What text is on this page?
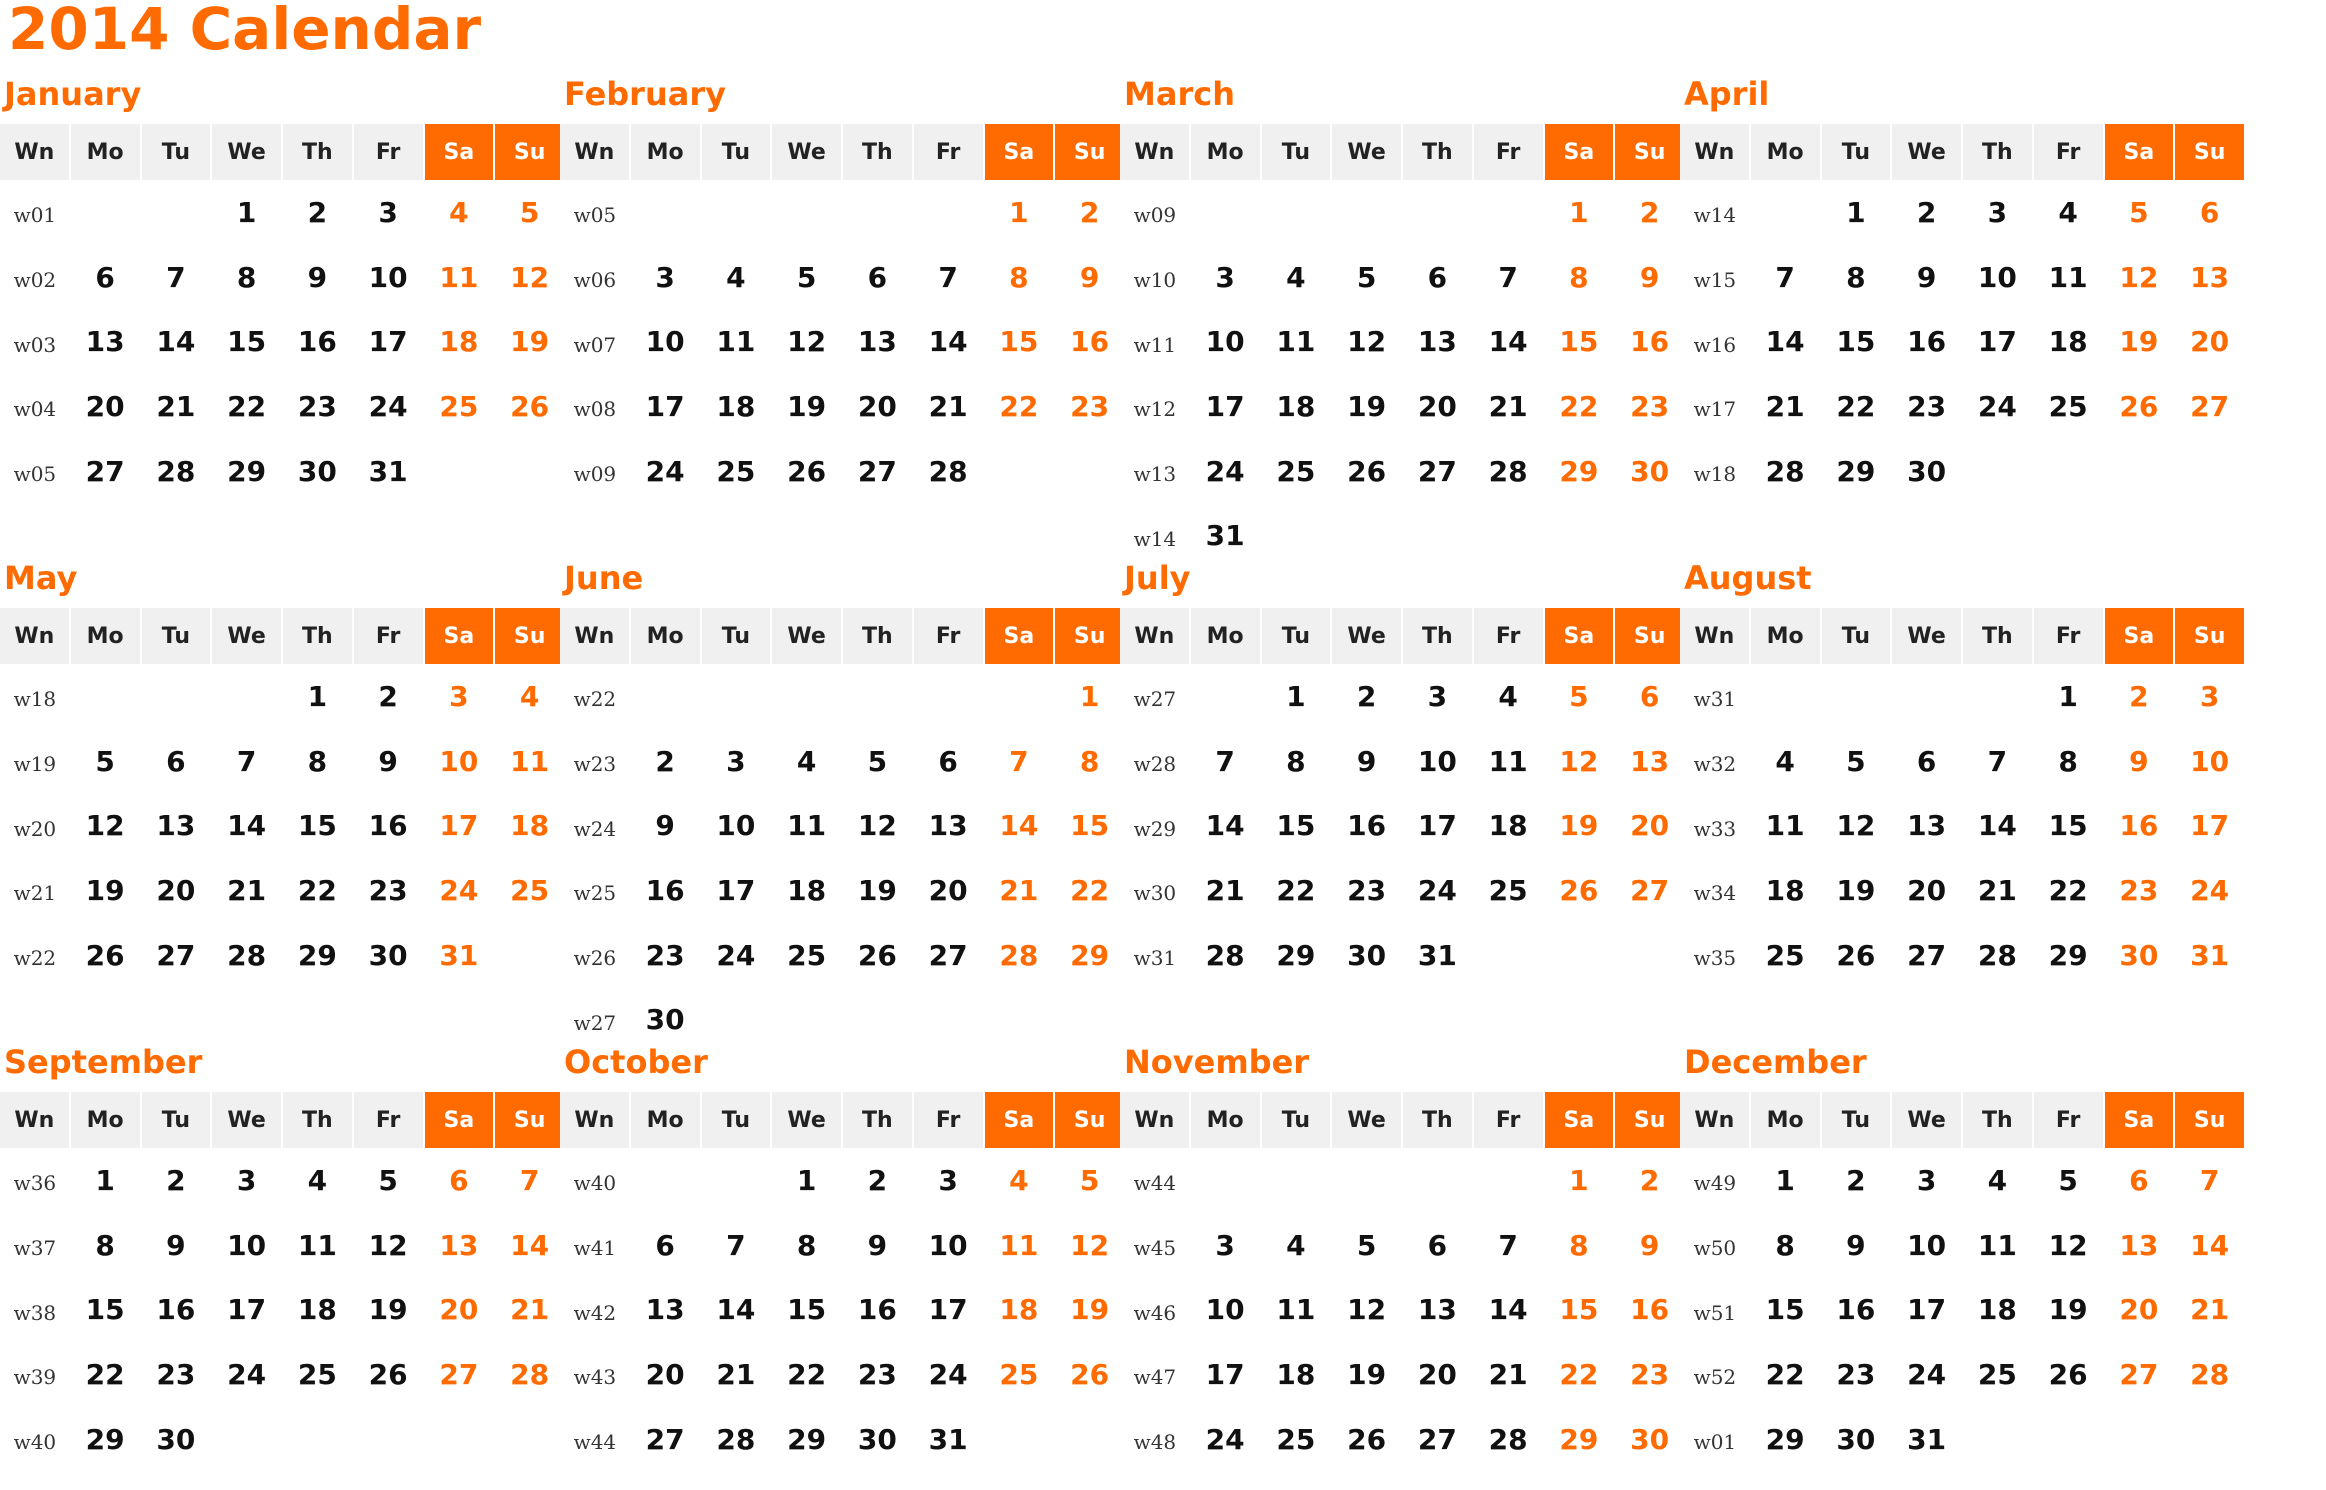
2014 Calendar
January
Wn	Mo	Tu	We	Th	Fr	Sa	Su
w01			1	2	3	4	5
w02	6	7	8	9	10	11	12
w03	13	14	15	16	17	18	19
w04	20	21	22	23	24	25	26
w05	27	28	29	30	31		
February
Wn	Mo	Tu	We	Th	Fr	Sa	Su
w05						1	2
w06	3	4	5	6	7	8	9
w07	10	11	12	13	14	15	16
w08	17	18	19	20	21	22	23
w09	24	25	26	27	28		
March
Wn	Mo	Tu	We	Th	Fr	Sa	Su
w09						1	2
w10	3	4	5	6	7	8	9
w11	10	11	12	13	14	15	16
w12	17	18	19	20	21	22	23
w13	24	25	26	27	28	29	30
w14	31						
April
Wn	Mo	Tu	We	Th	Fr	Sa	Su
w14		1	2	3	4	5	6
w15	7	8	9	10	11	12	13
w16	14	15	16	17	18	19	20
w17	21	22	23	24	25	26	27
w18	28	29	30				
May
Wn	Mo	Tu	We	Th	Fr	Sa	Su
w18				1	2	3	4
w19	5	6	7	8	9	10	11
w20	12	13	14	15	16	17	18
w21	19	20	21	22	23	24	25
w22	26	27	28	29	30	31	
June
Wn	Mo	Tu	We	Th	Fr	Sa	Su
w22							1
w23	2	3	4	5	6	7	8
w24	9	10	11	12	13	14	15
w25	16	17	18	19	20	21	22
w26	23	24	25	26	27	28	29
w27	30						
July
Wn	Mo	Tu	We	Th	Fr	Sa	Su
w27		1	2	3	4	5	6
w28	7	8	9	10	11	12	13
w29	14	15	16	17	18	19	20
w30	21	22	23	24	25	26	27
w31	28	29	30	31			
August
Wn	Mo	Tu	We	Th	Fr	Sa	Su
w31					1	2	3
w32	4	5	6	7	8	9	10
w33	11	12	13	14	15	16	17
w34	18	19	20	21	22	23	24
w35	25	26	27	28	29	30	31
September
Wn	Mo	Tu	We	Th	Fr	Sa	Su
w36	1	2	3	4	5	6	7
w37	8	9	10	11	12	13	14
w38	15	16	17	18	19	20	21
w39	22	23	24	25	26	27	28
w40	29	30					
October
Wn	Mo	Tu	We	Th	Fr	Sa	Su
w40			1	2	3	4	5
w41	6	7	8	9	10	11	12
w42	13	14	15	16	17	18	19
w43	20	21	22	23	24	25	26
w44	27	28	29	30	31		
November
Wn	Mo	Tu	We	Th	Fr	Sa	Su
w44						1	2
w45	3	4	5	6	7	8	9
w46	10	11	12	13	14	15	16
w47	17	18	19	20	21	22	23
w48	24	25	26	27	28	29	30
December
Wn	Mo	Tu	We	Th	Fr	Sa	Su
w49	1	2	3	4	5	6	7
w50	8	9	10	11	12	13	14
w51	15	16	17	18	19	20	21
w52	22	23	24	25	26	27	28
w01	29	30	31				
